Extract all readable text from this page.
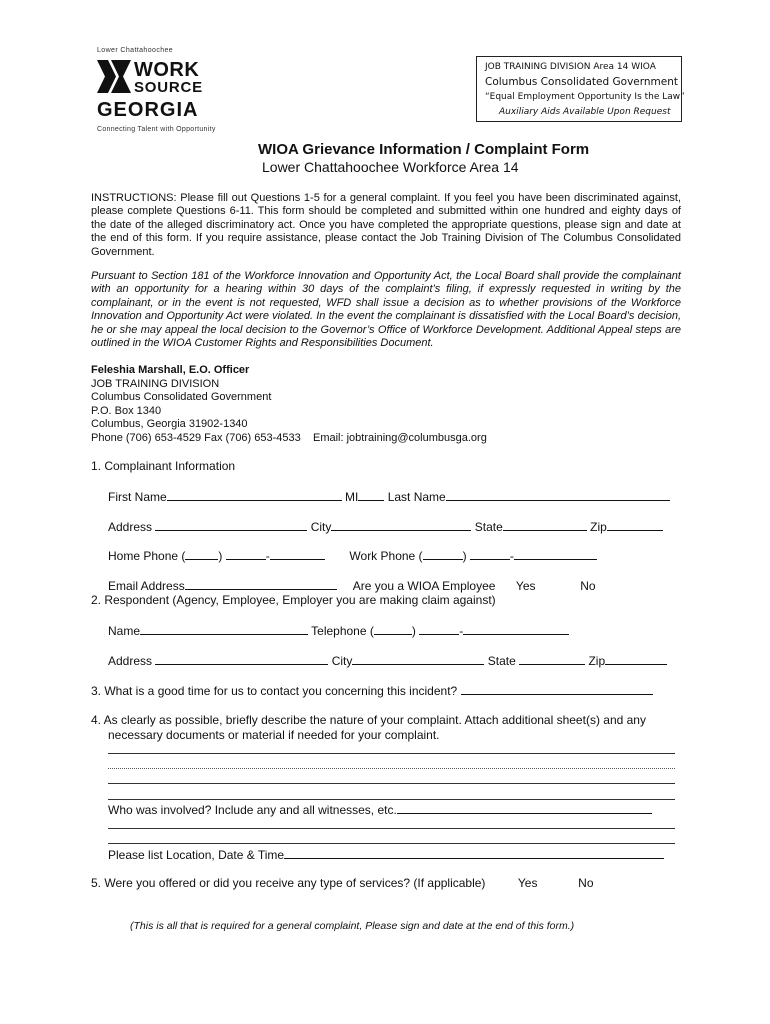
Lower Chattahoochee
WORK
SOURCE
GEORGIA
Connecting Talent with Opportunity
JOB TRAINING DIVISION Area 14 WIOA
Columbus Consolidated Government
“Equal Employment Opportunity Is the Law”
Auxiliary Aids Available Upon Request
WIOA Grievance Information / Complaint Form
Lower Chattahoochee Workforce Area 14
INSTRUCTIONS: Please fill out Questions 1-5 for a general complaint. If you feel you have been discriminated against, please complete Questions 6-11. This form should be completed and submitted within one hundred and eighty days of the date of the alleged discriminatory act. Once you have completed the appropriate questions, please sign and date at the end of this form. If you require assistance, please contact the Job Training Division of The Columbus Consolidated Government.
Pursuant to Section 181 of the Workforce Innovation and Opportunity Act, the Local Board shall provide the complainant with an opportunity for a hearing within 30 days of the complaint’s filing, if expressly requested in writing by the complainant, or in the event is not requested, WFD shall issue a decision as to whether provisions of the Workforce Innovation and Opportunity Act were violated. In the event the complainant is dissatisfied with the Local Board’s decision, he or she may appeal the local decision to the Governor’s Office of Workforce Development. Additional Appeal steps are outlined in the WIOA Customer Rights and Responsibilities Document.
Feleshia Marshall, E.O. Officer
JOB TRAINING DIVISION
Columbus Consolidated Government
P.O. Box 1340
Columbus, Georgia 31902-1340
Phone (706) 653-4529 Fax (706) 653-4533 Email: jobtraining@columbusga.org
1. Complainant Information
First Name	MI Last Name
Address	City	State	Zip
Home Phone (	)	-	Work Phone (	)	-
Email Address	Are you a WIOA Employee Yes	No
2. Respondent (Agency, Employee, Employer you are making claim against)
Name	Telephone (	)	-
Address	City	State	Zip
3. What is a good time for us to contact you concerning this incident?
4. As clearly as possible, briefly describe the nature of your complaint. Attach additional sheet(s) and any
necessary documents or material if needed for your complaint.
Who was involved? Include any and all witnesses, etc.
Please list Location, Date & Time
5. Were you offered or did you receive any type of services? (If applicable)	Yes	No
(This is all that is required for a general complaint, Please sign and date at the end of this form.)
